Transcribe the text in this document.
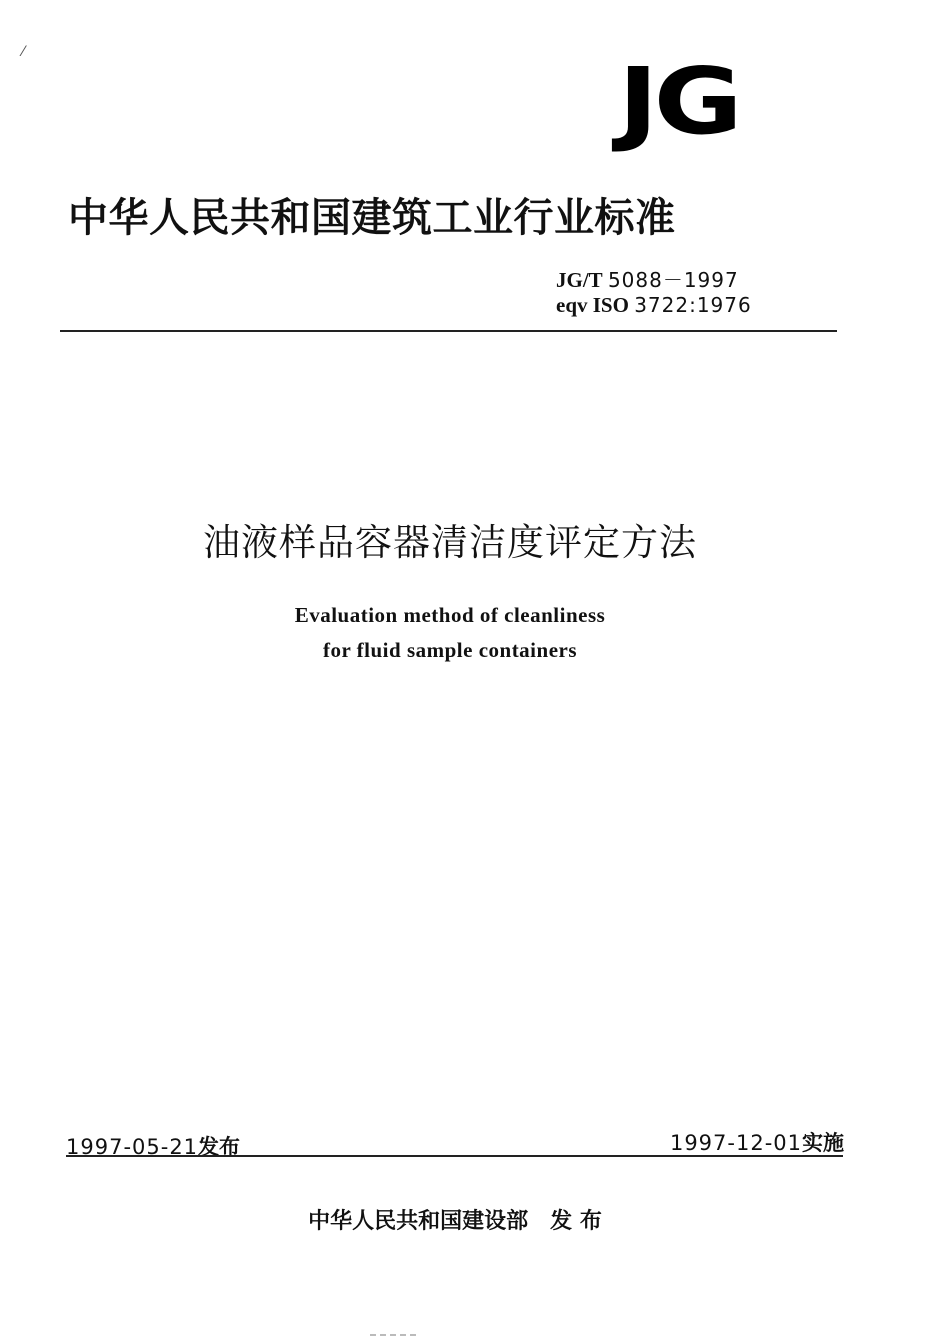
⁄	JG
中华人民共和国建筑工业行业标准
JG/T 5088－1997
eqv ISO 3722:1976
油液样品容器清洁度评定方法
Evaluation method of cleanliness
for fluid sample containers
1997-05-21发布	1997-12-01实施
中华人民共和国建设部 发 布
